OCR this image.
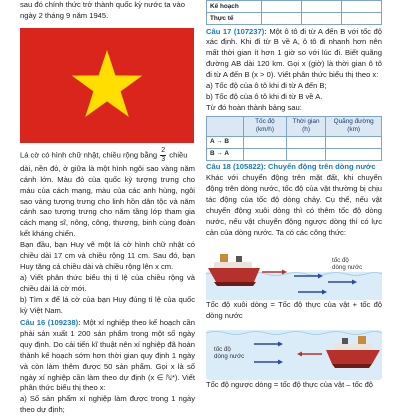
sau đó chính thức trở thành quốc kỳ nước ta vào

ngày 2 tháng 9 năm 1945.

Lá cờ có hình chữ nhật, chiều rộng bằng $\frac{2}{3}$ chiều

dài, nền đỏ, ở giữa là một hình ngôi sao vàng năm cánh lớn. Màu đỏ của quốc kỳ tượng trưng cho máu của cách mạng, màu của các anh hùng, ngôi sao vàng tượng trưng cho linh hồn dân tộc và năm cánh sao tượng trưng cho năm tầng lớp tham gia cách mạng sĩ, nông, công, thương, binh cùng đoàn kết kháng chiến.

Bạn đầu, bạn Huy vẽ một lá cờ hình chữ nhật có chiều dài 17 cm và chiều rộng 11 cm. Sau đó, bạn Huy tăng cả chiều dài và chiều rộng lên x cm.

a) Viết phân thức biểu thị tỉ lệ của chiều rộng và chiều dài lá cờ mới.

b) Tìm x để lá cờ của bạn Huy đúng tỉ lệ của quốc kỳ Việt Nam.

Câu 16 (109238): Một xí nghiệp theo kế hoạch cần phải sản xuất 1 200 sản phẩm trong một số ngày quy định. Do cải tiến kĩ thuật nên xí nghiệp đã hoàn thành kế hoạch sớm hơn thời gian quy định 1 ngày và còn làm thêm được 50 sản phẩm. Gọi x là số ngày xí nghiệp cần làm theo dự định (x ∈ ℕ*). Viết phân thức biểu thị theo x:

a) Số sản phẩm xí nghiệp làm được trong 1 ngày theo dự định;

Kế hoạch			
Thực tế			

Câu 17 (107237): Một ô tô đi từ A đến B với tốc độ xác định. Khi đi từ B về A, ô tô đi nhanh hơn nên mất thời gian ít hơn 1 giờ so với lúc đi. Biết quãng đường AB dài 120 km. Gọi x (giờ) là thời gian ô tô đi từ A đến B (x > 0). Viết phân thức biểu thị theo x:

a) Tốc độ của ô tô khi đi từ A đến B;

b) Tốc độ của ô tô khi đi từ B về A.

Từ đó hoàn thành bảng sau:

	Tốc độ (km/h)	Thời gian (h)	Quãng đường (km)
A → B			
B → A			

Câu 18 (105822): Chuyển động trên dòng nước

Khác với chuyển động trên mặt đất, khi chuyển động trên dòng nước, tốc độ của vật thường bị chịu tác động của tốc độ dòng chảy. Cụ thể, nếu vật chuyển động xuôi dòng thì có thêm tốc độ dòng nước, nếu vật chuyển động ngược dòng thì có lực cản của dòng nước. Ta có các công thức:

tốc độ
dòng nước

Tốc độ xuôi dòng = Tốc độ thực của vật + tốc độ dòng nước

tốc độ
dòng nước

Tốc độ ngược dòng = tốc độ thực của vật – tốc độ
